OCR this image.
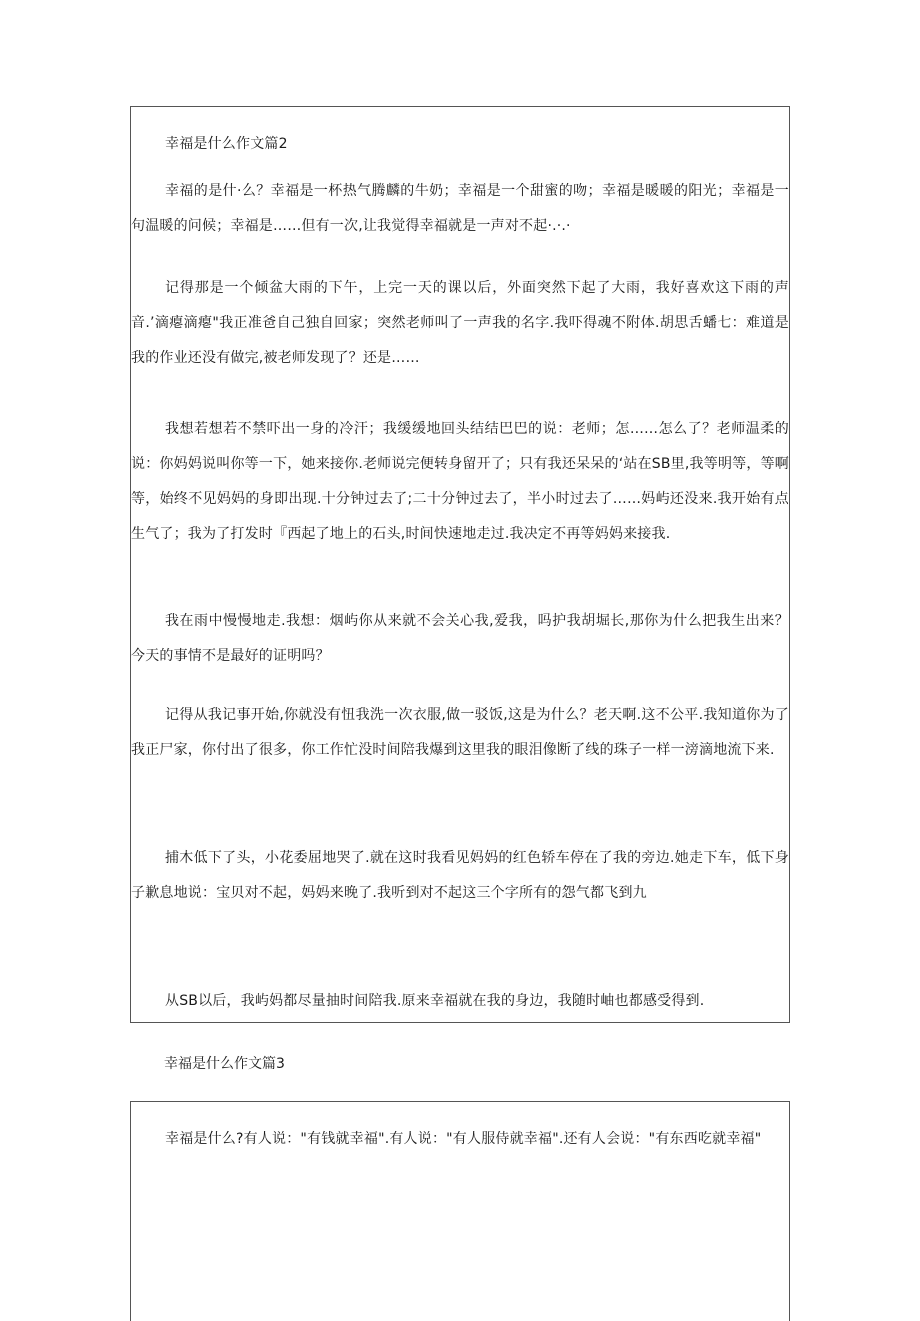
幸福是什么作文篇2

幸福的是什·么？幸福是一杯热气腾麟的牛奶；幸福是一个甜蜜的吻；幸福是暖暖的阳光；幸福是一句温暖的问候；幸福是……但有一次,让我觉得幸福就是一声对不起·.·.·

记得那是一个倾盆大雨的下午，上完一天的课以后，外面突然下起了大雨，我好喜欢这下雨的声音.’滴瘪滴瘪"我正准爸自己独自回家；突然老师叫了一声我的名字.我吓得魂不附体.胡思舌蟠七：难道是我的作业还没有做完,被老师发现了？还是……

我想若想若不禁吓出一身的冷汗；我缓缓地回头结结巴巴的说：老师；怎……怎么了？老师温柔的说：你妈妈说叫你等一下，她来接你.老师说完便转身留开了；只有我还呆呆的‘站在SB里,我等明等，等啊等，始终不见妈妈的身即出现.十分钟过去了;二十分钟过去了，半小时过去了……妈屿还没来.我开始有点生气了；我为了打发时『西起了地上的石头,时间快速地走过.我决定不再等妈妈来接我.

我在雨中慢慢地走.我想：烟屿你从来就不会关心我,爱我，吗护我胡堀长,那你为什么把我生出来？今天的事情不是最好的证明吗？

记得从我记事开始,你就没有忸我洗一次衣服,做一驳饭,这是为什么？老天啊.这不公平.我知道你为了我正尸家，你付出了很多，你工作忙没时间陪我爆到这里我的眼泪像断了线的珠子一样一滂滴地流下来.

捕木低下了头，小花委屈地哭了.就在这时我看见妈妈的红色轿车停在了我的旁边.她走下车，低下身子歉息地说：宝贝对不起，妈妈来晚了.我听到对不起这三个字所有的怨气都飞到九

从SB以后，我屿妈都尽量抽时间陪我.原来幸福就在我的身边，我随时岫也都感受得到.

幸福是什么作文篇3

幸福是什么?有人说："有钱就幸福".有人说："有人服侍就幸福".还有人会说："有东西吃就幸福"
